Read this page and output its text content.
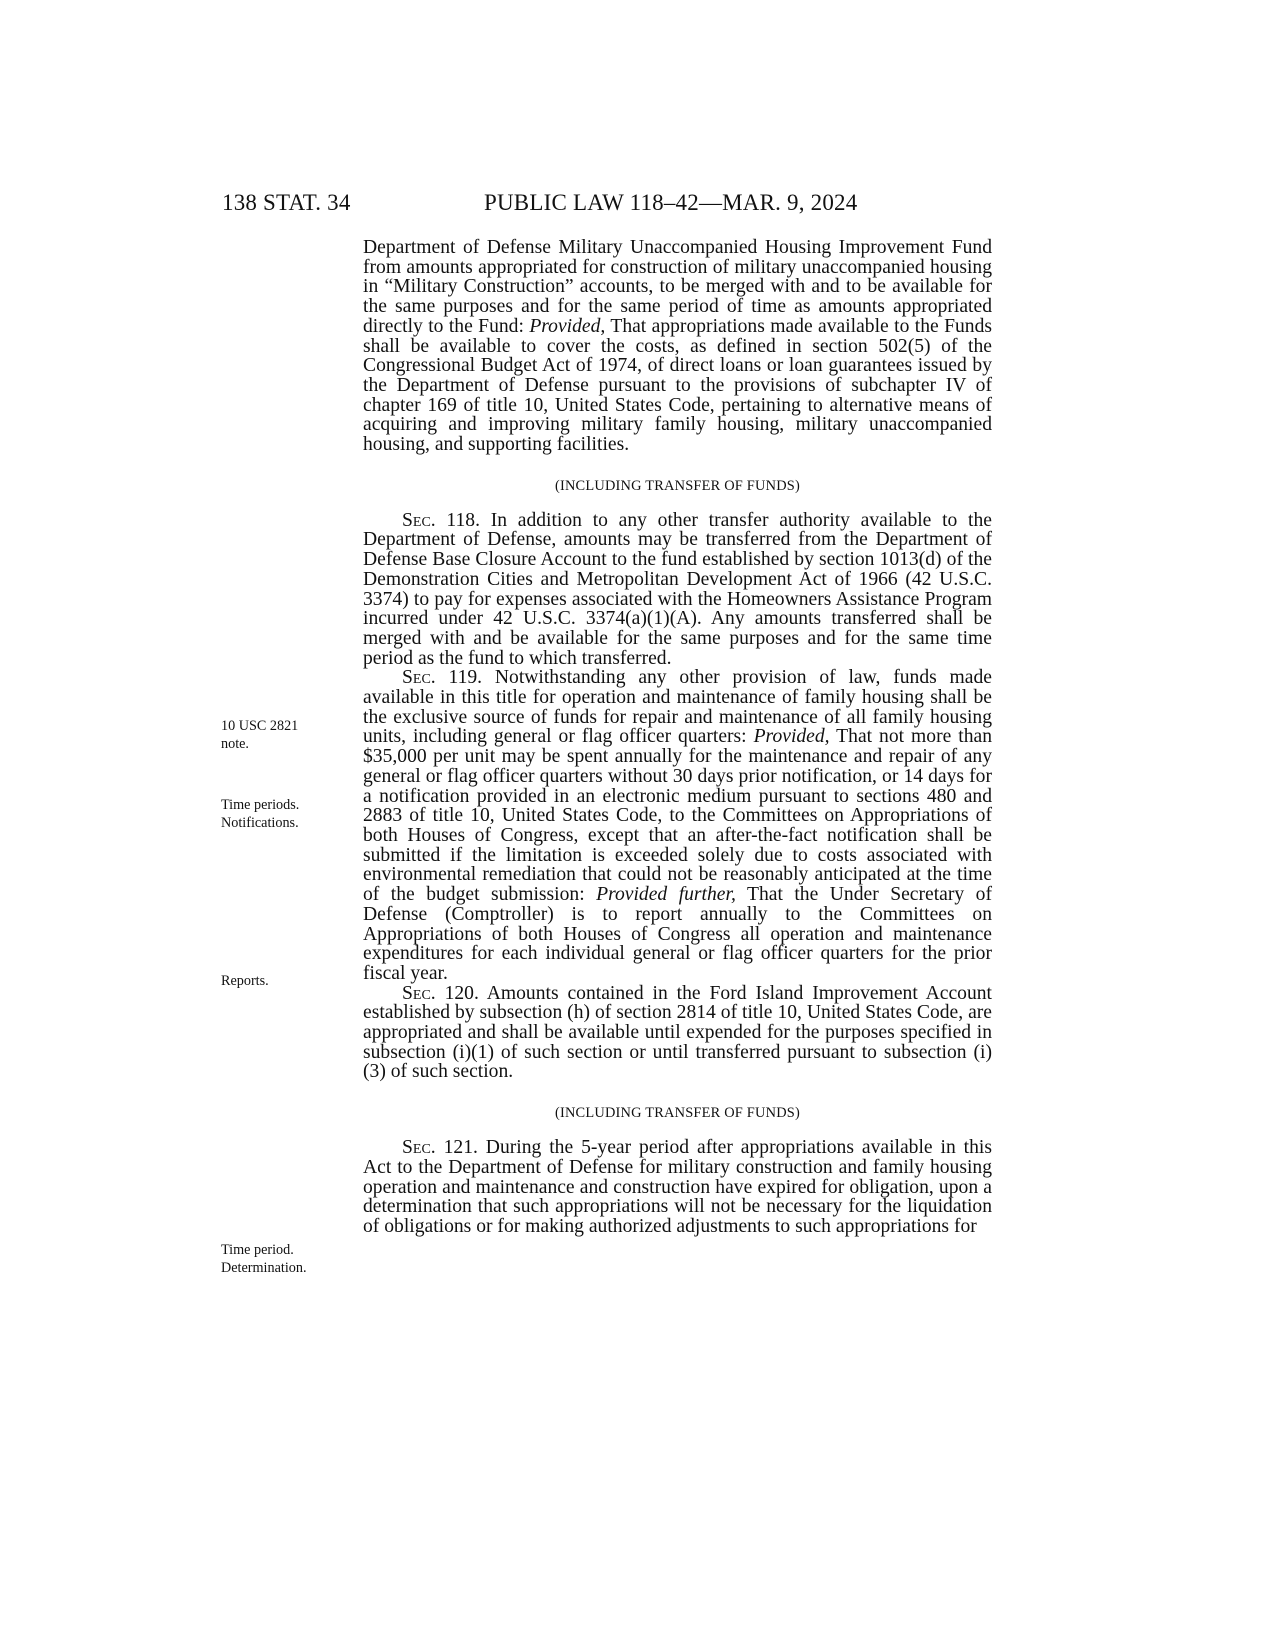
138 STAT. 34	PUBLIC LAW 118–42—MAR. 9, 2024
10 USC 2821
note.
Time periods.
Notifications.
Reports.
Time period.
Determination.

Department of Defense Military Unaccompanied Housing Improvement Fund from amounts appropriated for construction of military unaccompanied housing in “Military Construction” accounts, to be merged with and to be available for the same purposes and for the same period of time as amounts appropriated directly to the Fund: Provided, That appropriations made available to the Funds shall be available to cover the costs, as defined in section 502(5) of the Congressional Budget Act of 1974, of direct loans or loan guarantees issued by the Department of Defense pursuant to the provisions of subchapter IV of chapter 169 of title 10, United States Code, pertaining to alternative means of acquiring and improving military family housing, military unaccompanied housing, and supporting facilities.

(INCLUDING TRANSFER OF FUNDS)

Sec. 118. In addition to any other transfer authority available to the Department of Defense, amounts may be transferred from the Department of Defense Base Closure Account to the fund established by section 1013(d) of the Demonstration Cities and Metropolitan Development Act of 1966 (42 U.S.C. 3374) to pay for expenses associated with the Homeowners Assistance Program incurred under 42 U.S.C. 3374(a)(1)(A). Any amounts transferred shall be merged with and be available for the same purposes and for the same time period as the fund to which transferred.

Sec. 119. Notwithstanding any other provision of law, funds made available in this title for operation and maintenance of family housing shall be the exclusive source of funds for repair and maintenance of all family housing units, including general or flag officer quarters: Provided, That not more than $35,000 per unit may be spent annually for the maintenance and repair of any general or flag officer quarters without 30 days prior notification, or 14 days for a notification provided in an electronic medium pursuant to sections 480 and 2883 of title 10, United States Code, to the Committees on Appropriations of both Houses of Congress, except that an after-the-fact notification shall be submitted if the limitation is exceeded solely due to costs associated with environmental remediation that could not be reasonably anticipated at the time of the budget submission: Provided further, That the Under Secretary of Defense (Comptroller) is to report annually to the Committees on Appropriations of both Houses of Congress all operation and maintenance expenditures for each individual general or flag officer quarters for the prior fiscal year.

Sec. 120. Amounts contained in the Ford Island Improvement Account established by subsection (h) of section 2814 of title 10, United States Code, are appropriated and shall be available until expended for the purposes specified in subsection (i)(1) of such section or until transferred pursuant to subsection (i)(3) of such section.

(INCLUDING TRANSFER OF FUNDS)

Sec. 121. During the 5-year period after appropriations available in this Act to the Department of Defense for military construction and family housing operation and maintenance and construction have expired for obligation, upon a determination that such appropriations will not be necessary for the liquidation of obligations or for making authorized adjustments to such appropriations for
